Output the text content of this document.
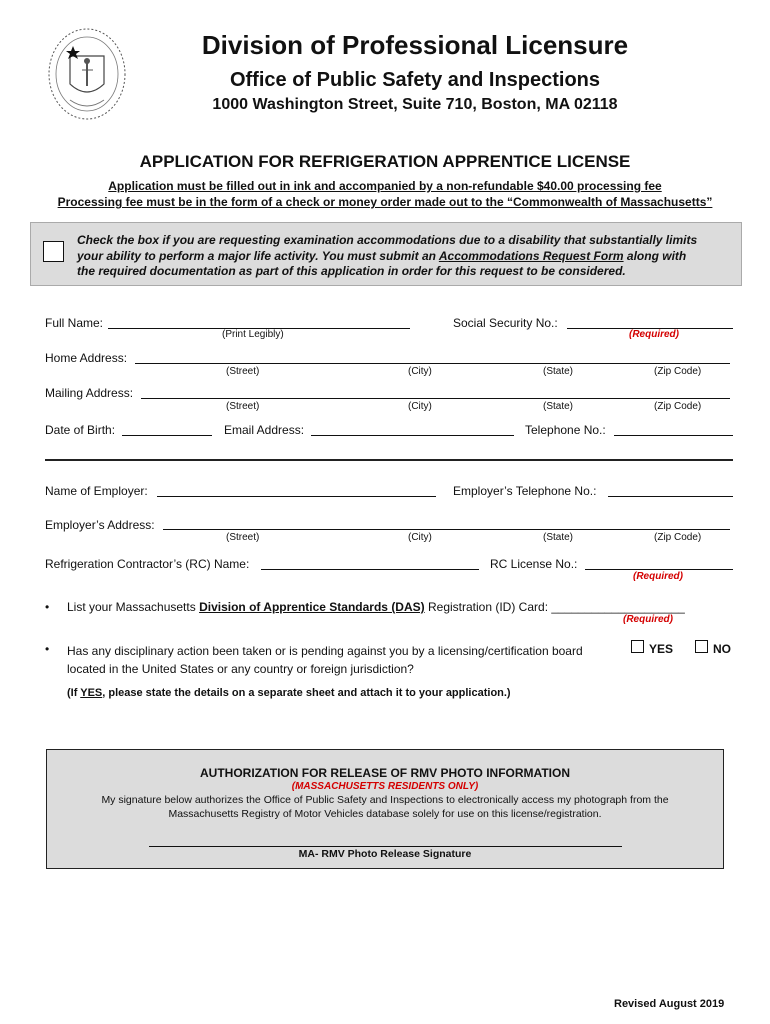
Division of Professional Licensure
Office of Public Safety and Inspections
1000 Washington Street, Suite 710, Boston, MA 02118
APPLICATION FOR REFRIGERATION APPRENTICE LICENSE
Application must be filled out in ink and accompanied by a non-refundable $40.00 processing fee
Processing fee must be in the form of a check or money order made out to the “Commonwealth of Massachusetts”
Check the box if you are requesting examination accommodations due to a disability that substantially limits
your ability to perform a major life activity. You must submit an Accommodations Request Form along with
the required documentation as part of this application in order for this request to be considered.
Full Name:
(Print Legibly)
Social Security No.:
(Required)
Home Address:
(Street)	(City)	(State)	(Zip Code)
Mailing Address:
(Street)	(City)	(State)	(Zip Code)
Date of Birth:	Email Address:	Telephone No.:
Name of Employer:	Employer’s Telephone No.:
Employer’s Address:
(Street)	(City)	(State)	(Zip Code)
Refrigeration Contractor’s (RC) Name:	RC License No.:
(Required)
• List your Massachusetts Division of Apprentice Standards (DAS) Registration (ID) Card: ____________________
(Required)
• Has any disciplinary action been taken or is pending against you by a licensing/certification board
located in the United States or any country or foreign jurisdiction?
YES	NO
(If YES, please state the details on a separate sheet and attach it to your application.)
AUTHORIZATION FOR RELEASE OF RMV PHOTO INFORMATION
(MASSACHUSETTS RESIDENTS ONLY)
My signature below authorizes the Office of Public Safety and Inspections to electronically access my photograph from the
Massachusetts Registry of Motor Vehicles database solely for use on this license/registration.
MA- RMV Photo Release Signature
Revised August 2019
